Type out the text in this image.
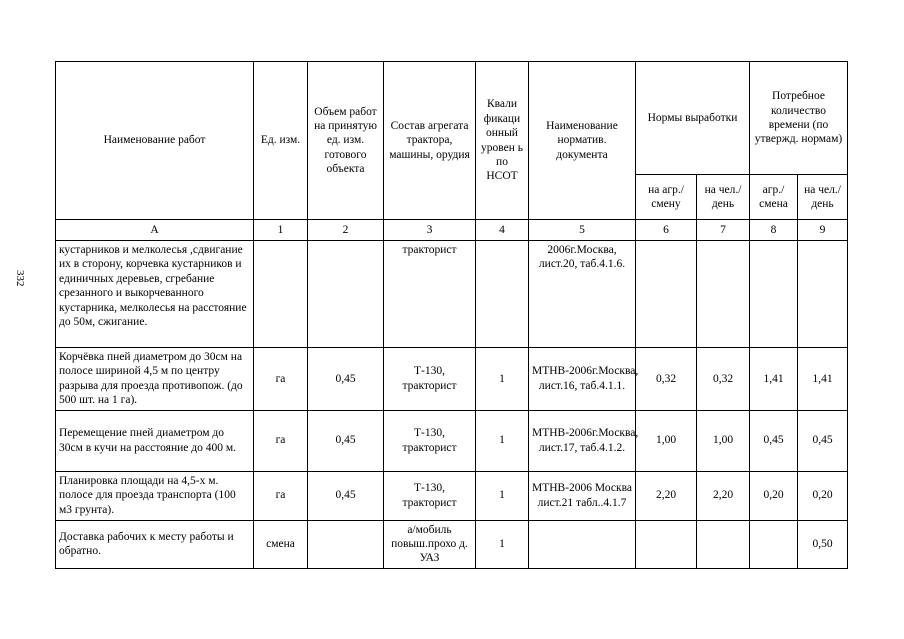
332
Наименование работ	Ед. изм.	Объем работ на принятую ед. изм. готового объекта	Состав агрегата трактора, машины, орудия	Квали фикаци онный уровен ь по НСОТ	Наименование норматив. документа	Нормы выработки		Потребное количество времени (по утвержд. нормам)	
						на агр./ смену	на чел./ день	агр./ смена	на чел./ день
А	1	2	3	4	5	6	7	8	9
кустарников и мелколесья ,сдвигание их в сторону, корчевка кустарников и единичных деревьев, сгребание срезанного и выкорчеванного кустарника, мелколесья на расстояние до 50м, сжигание.			тракторист		2006г.Москва, лист.20, таб.4.1.6.				
Корчёвка пней диаметром до 30см на полосе шириной 4,5 м по центру разрыва для проезда противопож. (до 500 шт. на 1 га).	га	0,45	Т-130, тракторист	1	МТНВ-2006г.Москва, лист.16, таб.4.1.1.	0,32	0,32	1,41	1,41
Перемещение пней диаметром до 30см в кучи на расстояние до 400 м.	га	0,45	Т-130, тракторист	1	МТНВ-2006г.Москва, лист.17, таб.4.1.2.	1,00	1,00	0,45	0,45
Планировка площади на 4,5-х м. полосе для проезда транспорта (100 м3 грунта).	га	0,45	Т-130, тракторист	1	МТНВ-2006 Москва лист.21 табл..4.1.7	2,20	2,20	0,20	0,20
Доставка рабочих к месту работы и обратно.	смена		а/мобиль повыш.прохо д. УАЗ	1					0,50
